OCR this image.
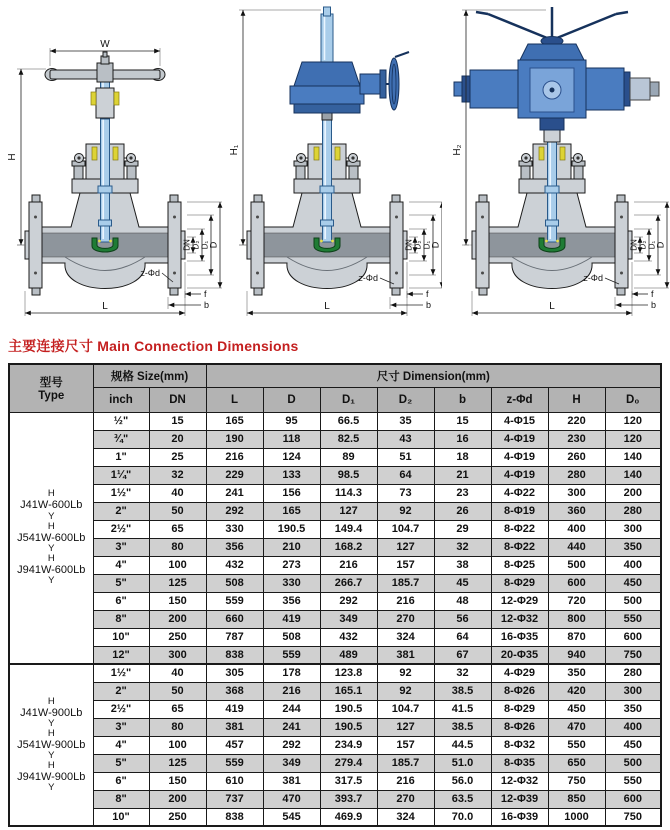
W
H
DN D₂ D₁ D
z-Φd
L
f
b
H₁
DN D₂ D₁ D
z-Φd
L
f
b
H₂
DN D₂ D₁ D
z-Φd
L
f
b
主要连接尺寸 Main Connection Dimensions
型号
Type	规格 Size(mm)		尺寸 Dimension(mm)							
	inch	DN	L	D	D₁	D₂	b	z-Φd	H	D₀

H
J41W-600Lb
Y
H
J541W-600Lb
Y
H
J941W-600Lb
Y
	½"	15	165	95	66.5	35	15	4-Φ15	220	120
	¾"	20	190	118	82.5	43	16	4-Φ19	230	120
	1"	25	216	124	89	51	18	4-Φ19	260	140
	1¼"	32	229	133	98.5	64	21	4-Φ19	280	140
	1½"	40	241	156	114.3	73	23	4-Φ22	300	200
	2"	50	292	165	127	92	26	8-Φ19	360	280
	2½"	65	330	190.5	149.4	104.7	29	8-Φ22	400	300
	3"	80	356	210	168.2	127	32	8-Φ22	440	350
	4"	100	432	273	216	157	38	8-Φ25	500	400
	5"	125	508	330	266.7	185.7	45	8-Φ29	600	450
	6"	150	559	356	292	216	48	12-Φ29	720	500
	8"	200	660	419	349	270	56	12-Φ32	800	550
	10"	250	787	508	432	324	64	16-Φ35	870	600
	12"	300	838	559	489	381	67	20-Φ35	940	750

H
J41W-900Lb
Y
H
J541W-900Lb
Y
H
J941W-900Lb
Y
	1½"	40	305	178	123.8	92	32	4-Φ29	350	280
	2"	50	368	216	165.1	92	38.5	8-Φ26	420	300
	2½"	65	419	244	190.5	104.7	41.5	8-Φ29	450	350
	3"	80	381	241	190.5	127	38.5	8-Φ26	470	400
	4"	100	457	292	234.9	157	44.5	8-Φ32	550	450
	5"	125	559	349	279.4	185.7	51.0	8-Φ35	650	500
	6"	150	610	381	317.5	216	56.0	12-Φ32	750	550
	8"	200	737	470	393.7	270	63.5	12-Φ39	850	600
	10"	250	838	545	469.9	324	70.0	16-Φ39	1000	750
